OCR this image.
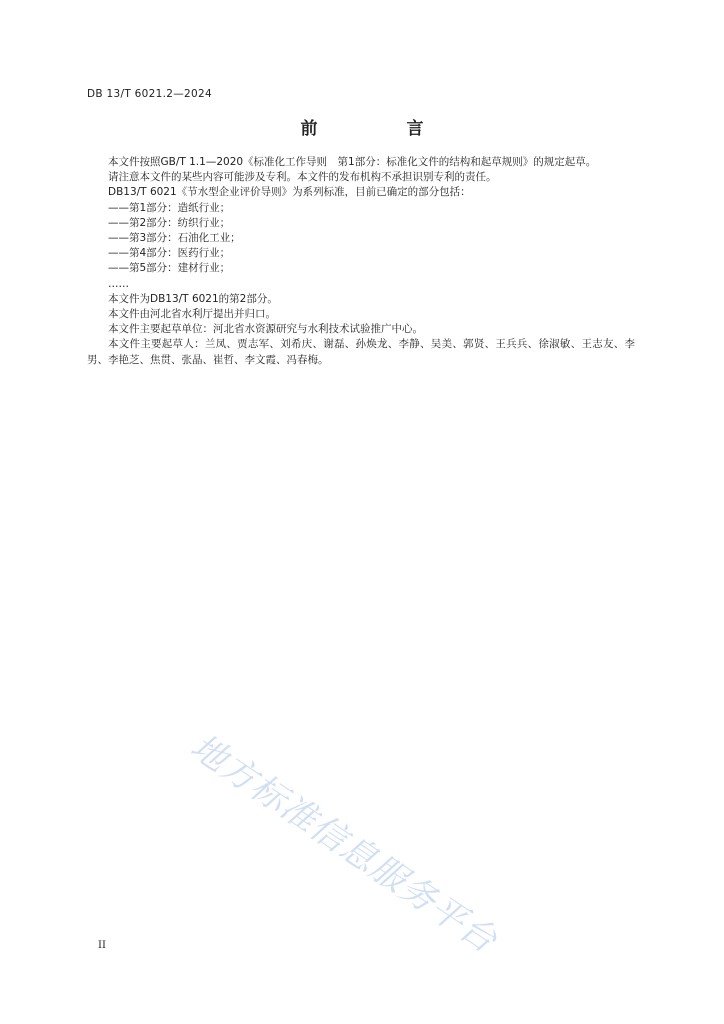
DB 13/T 6021.2—2024
前　言

本文件按照GB/T 1.1—2020《标准化工作导则　第1部分：标准化文件的结构和起草规则》的规定起草。

请注意本文件的某些内容可能涉及专利。本文件的发布机构不承担识别专利的责任。

DB13/T 6021《节水型企业评价导则》为系列标准，目前已确定的部分包括：

——第1部分：造纸行业；

——第2部分：纺织行业；

——第3部分：石油化工业；

——第4部分：医药行业；

——第5部分：建材行业；

……

本文件为DB13/T 6021的第2部分。

本文件由河北省水利厅提出并归口。

本文件主要起草单位：河北省水资源研究与水利技术试验推广中心。

本文件主要起草人：兰凤、贾志军、刘希庆、谢磊、孙焕龙、李静、吴美、郭贤、王兵兵、徐淑敏、王志友、李男、李艳芝、焦贯、张晶、崔哲、李文霞、冯春梅。

地方标准信息服务平台
II
